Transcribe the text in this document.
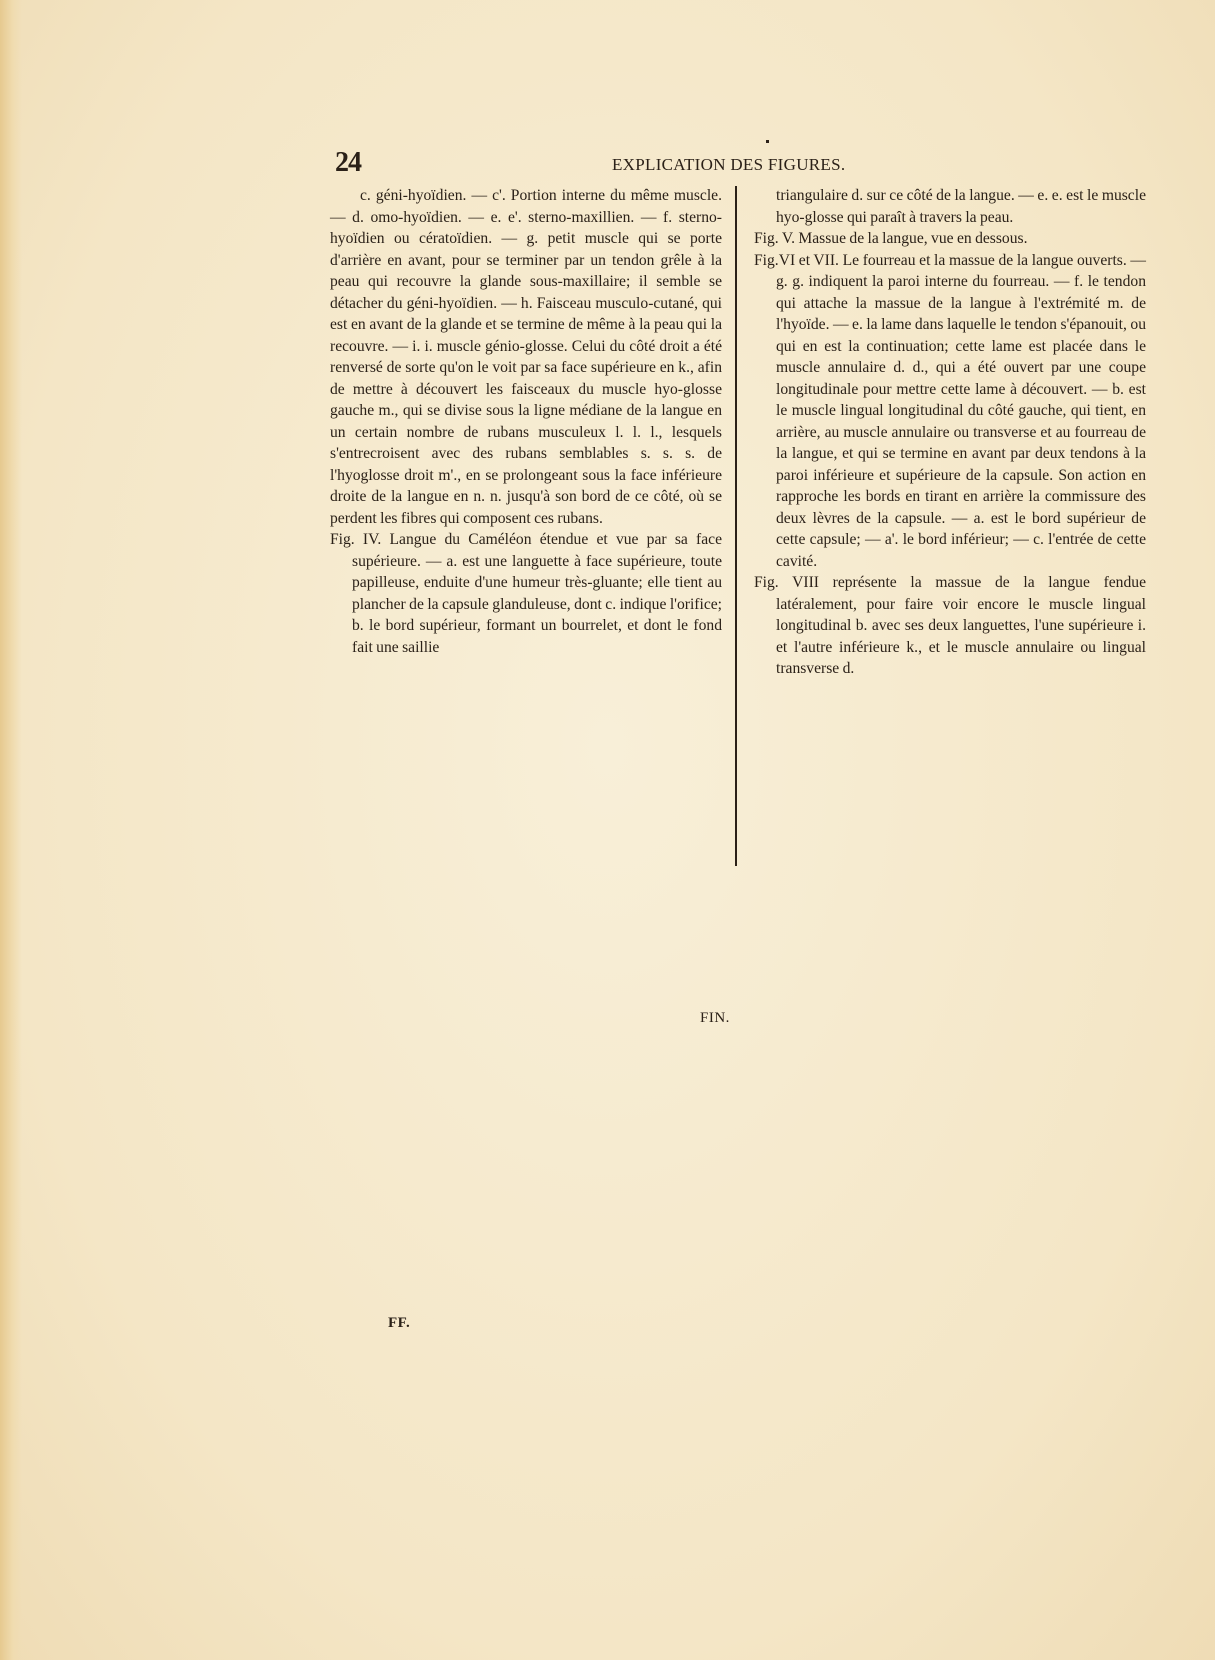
24	EXPLICATION DES FIGURES.

c. géni-hyoïdien. — c'. Portion interne du même muscle. — d. omo-hyoïdien. — e. e'. sterno-maxillien. — f. sterno-hyoïdien ou cératoïdien. — g. petit muscle qui se porte d'arrière en avant, pour se terminer par un tendon grêle à la peau qui recouvre la glande sous-maxillaire; il semble se détacher du géni-hyoïdien. — h. Faisceau musculo-cutané, qui est en avant de la glande et se termine de même à la peau qui la recouvre. — i. i. muscle génio-glosse. Celui du côté droit a été renversé de sorte qu'on le voit par sa face supérieure en k., afin de mettre à découvert les faisceaux du muscle hyo-glosse gauche m., qui se divise sous la ligne médiane de la langue en un certain nombre de rubans musculeux l. l. l., lesquels s'entrecroisent avec des rubans semblables s. s. s. de l'hyoglosse droit m'., en se prolongeant sous la face inférieure droite de la langue en n. n. jusqu'à son bord de ce côté, où se perdent les fibres qui composent ces rubans.

Fig. IV. Langue du Caméléon étendue et vue par sa face supérieure. — a. est une languette à face supérieure, toute papilleuse, enduite d'une humeur très-gluante; elle tient au plancher de la capsule glanduleuse, dont c. indique l'orifice; b. le bord supérieur, formant un bourrelet, et dont le fond fait une saillie

triangulaire d. sur ce côté de la langue. — e. e. est le muscle hyo-glosse qui paraît à travers la peau.

Fig. V. Massue de la langue, vue en dessous.

Fig.VI et VII. Le fourreau et la massue de la langue ouverts. — g. g. indiquent la paroi interne du fourreau. — f. le tendon qui attache la massue de la langue à l'extrémité m. de l'hyoïde. — e. la lame dans laquelle le tendon s'épanouit, ou qui en est la continuation; cette lame est placée dans le muscle annulaire d. d., qui a été ouvert par une coupe longitudinale pour mettre cette lame à découvert. — b. est le muscle lingual longitudinal du côté gauche, qui tient, en arrière, au muscle annulaire ou transverse et au fourreau de la langue, et qui se termine en avant par deux tendons à la paroi inférieure et supérieure de la capsule. Son action en rapproche les bords en tirant en arrière la commissure des deux lèvres de la capsule. — a. est le bord supérieur de cette capsule; — a'. le bord inférieur; — c. l'entrée de cette cavité.

Fig. VIII représente la massue de la langue fendue latéralement, pour faire voir encore le muscle lingual longitudinal b. avec ses deux languettes, l'une supérieure i. et l'autre inférieure k., et le muscle annulaire ou lingual transverse d.

FIN.
FF.
